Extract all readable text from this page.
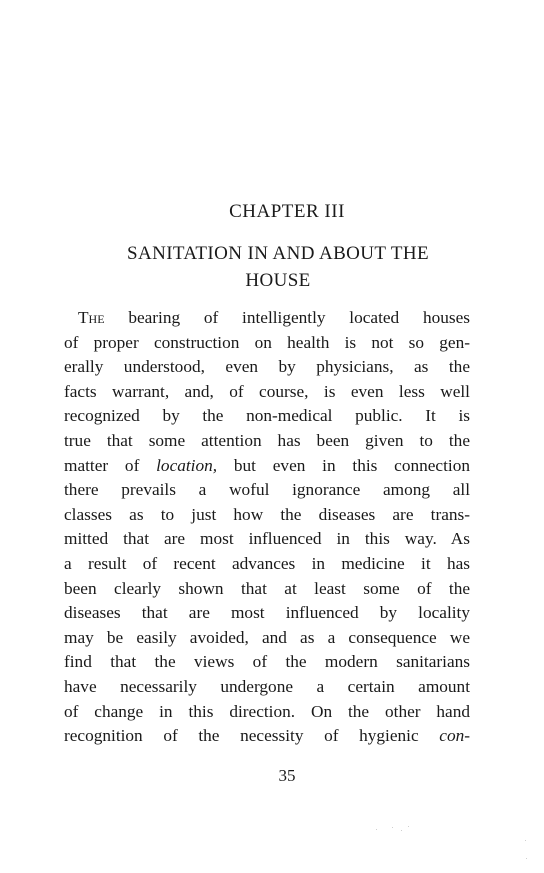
CHAPTER III
SANITATION IN AND ABOUT THE
HOUSE
The bearing of intelligently located houses
of proper construction on health is not so gen-
erally understood, even by physicians, as the
facts warrant, and, of course, is even less well
recognized by the non-medical public. It is
true that some attention has been given to the
matter of location, but even in this connection
there prevails a woful ignorance among all
classes as to just how the diseases are trans-
mitted that are most influenced in this way. As
a result of recent advances in medicine it has
been clearly shown that at least some of the
diseases that are most influenced by locality
may be easily avoided, and as a consequence we
find that the views of the modern sanitarians
have necessarily undergone a certain amount
of change in this direction. On the other hand
recognition of the necessity of hygienic con-
35
